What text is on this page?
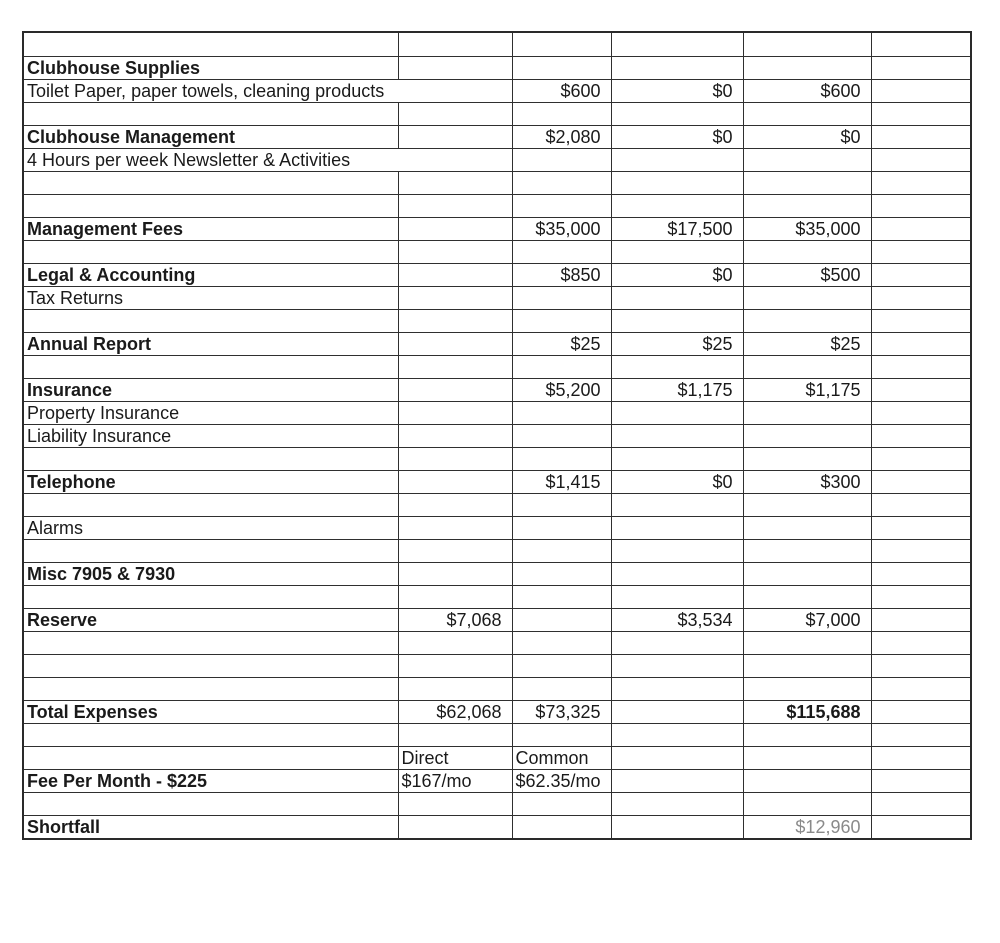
Clubhouse Supplies					
Toilet Paper, paper towels, cleaning products		$600	$0	$600	

Clubhouse Management		$2,080	$0	$0	
4 Hours per week Newsletter & Activities					

Management Fees		$35,000	$17,500	$35,000	

Legal & Accounting		$850	$0	$500	
Tax Returns					

Annual Report		$25	$25	$25	

Insurance		$5,200	$1,175	$1,175	
Property Insurance					
Liability Insurance					

Telephone		$1,415	$0	$300	

Alarms					

Misc 7905 & 7930					

Reserve	$7,068		$3,534	$7,000	

Total Expenses	$62,068	$73,325		$115,688	

	Direct	Common			
Fee Per Month - $225	$167/mo	$62.35/mo			

Shortfall				$12,960	
